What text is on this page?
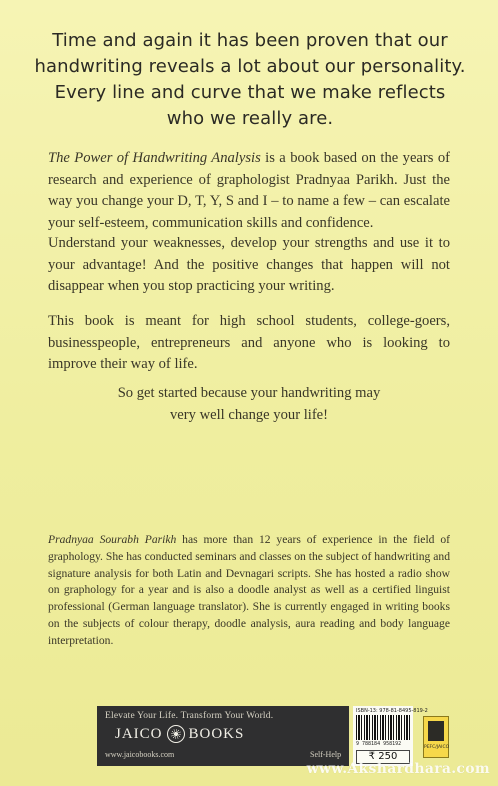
Time and again it has been proven that our
handwriting reveals a lot about our personality.
Every line and curve that we make reflects
who we really are.
The Power of Handwriting Analysis is a book based on the years of research and experience of graphologist Pradnyaa Parikh. Just the way you change your D, T, Y, S and I – to name a few – can escalate your self-esteem, communication skills and confidence.
Understand your weaknesses, develop your strengths and use it to your advantage! And the positive changes that happen will not disappear when you stop practicing your writing.
This book is meant for high school students, college-goers, businesspeople, entrepreneurs and anyone who is looking to improve their way of life.
So get started because your handwriting may
very well change your life!
Pradnyaa Sourabh Parikh has more than 12 years of experience in the field of graphology. She has conducted seminars and classes on the subject of handwriting and signature analysis for both Latin and Devnagari scripts. She has hosted a radio show on graphology for a year and is also a doodle analyst as well as a certified linguist professional (German language translator). She is currently engaged in writing books on the subjects of colour therapy, doodle analysis, aura reading and body language interpretation.
Elevate Your Life. Transform Your World.
JAICO BOOKS
www.jaicobooks.com	Self-Help
ISBN-13: 978-81-8495-819-2
9 788184 958192
₹ 250
PEFC/JAICO
www.Akshardhara.com
